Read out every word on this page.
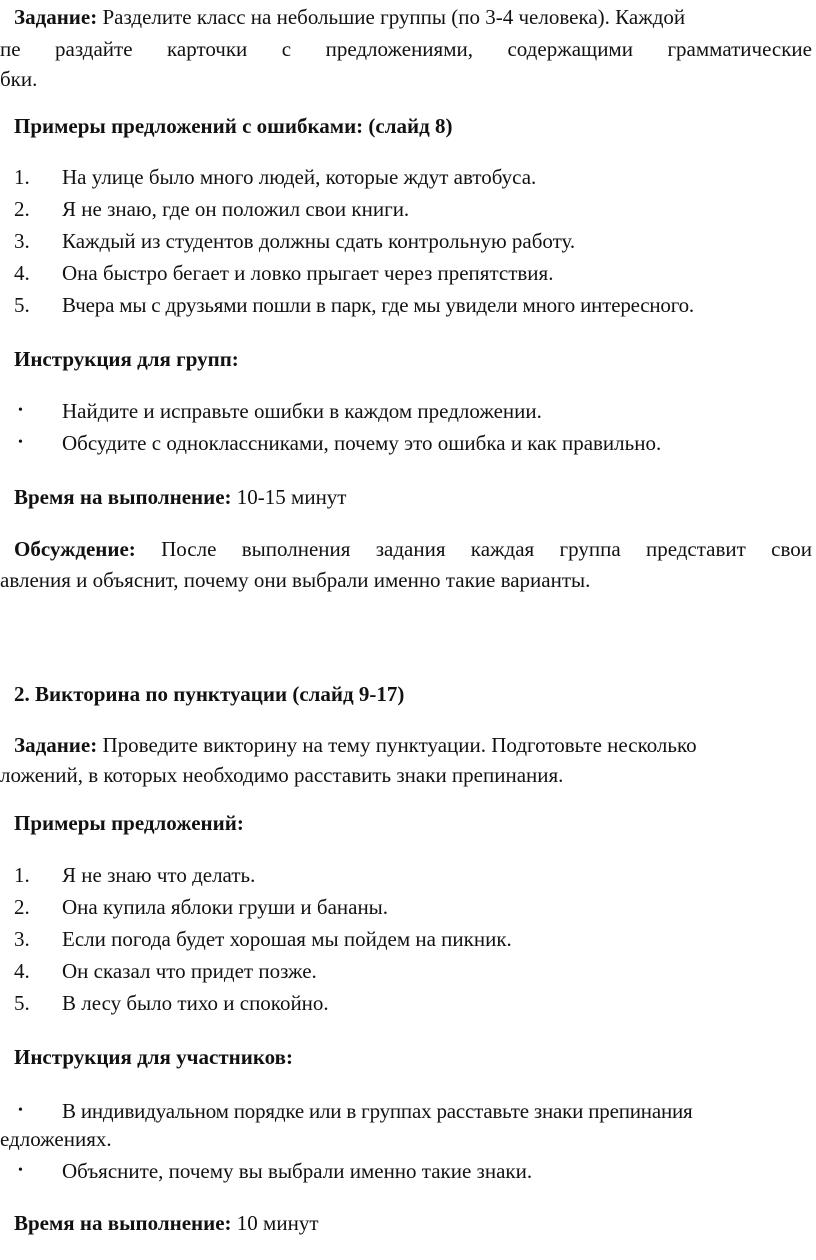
Задание: Разделите класс на небольшие группы (по 3-4 человека). Каждой
пе раздайте карточки с предложениями, содержащими грамматические
бки.
Примеры предложений с ошибками: (слайд 8)
1. На улице было много людей, которые ждут автобуса.
2. Я не знаю, где он положил свои книги.
3. Каждый из студентов должны сдать контрольную работу.
4. Она быстро бегает и ловко прыгает через препятствия.
5. Вчера мы с друзьями пошли в парк, где мы увидели много интересного.
Инструкция для групп:
• Найдите и исправьте ошибки в каждом предложении.
• Обсудите с одноклассниками, почему это ошибка и как правильно.
Время на выполнение: 10-15 минут
Обсуждение: После выполнения задания каждая группа представит свои
авления и объяснит, почему они выбрали именно такие варианты.
2. Викторина по пунктуации (слайд 9-17)
Задание: Проведите викторину на тему пунктуации. Подготовьте несколько
ложений, в которых необходимо расставить знаки препинания.
Примеры предложений:
1. Я не знаю что делать.
2. Она купила яблоки груши и бананы.
3. Если погода будет хорошая мы пойдем на пикник.
4. Он сказал что придет позже.
5. В лесу было тихо и спокойно.
Инструкция для участников:
• В индивидуальном порядке или в группах расставьте знаки препинания
едложениях.
• Объясните, почему вы выбрали именно такие знаки.
Время на выполнение: 10 минут
